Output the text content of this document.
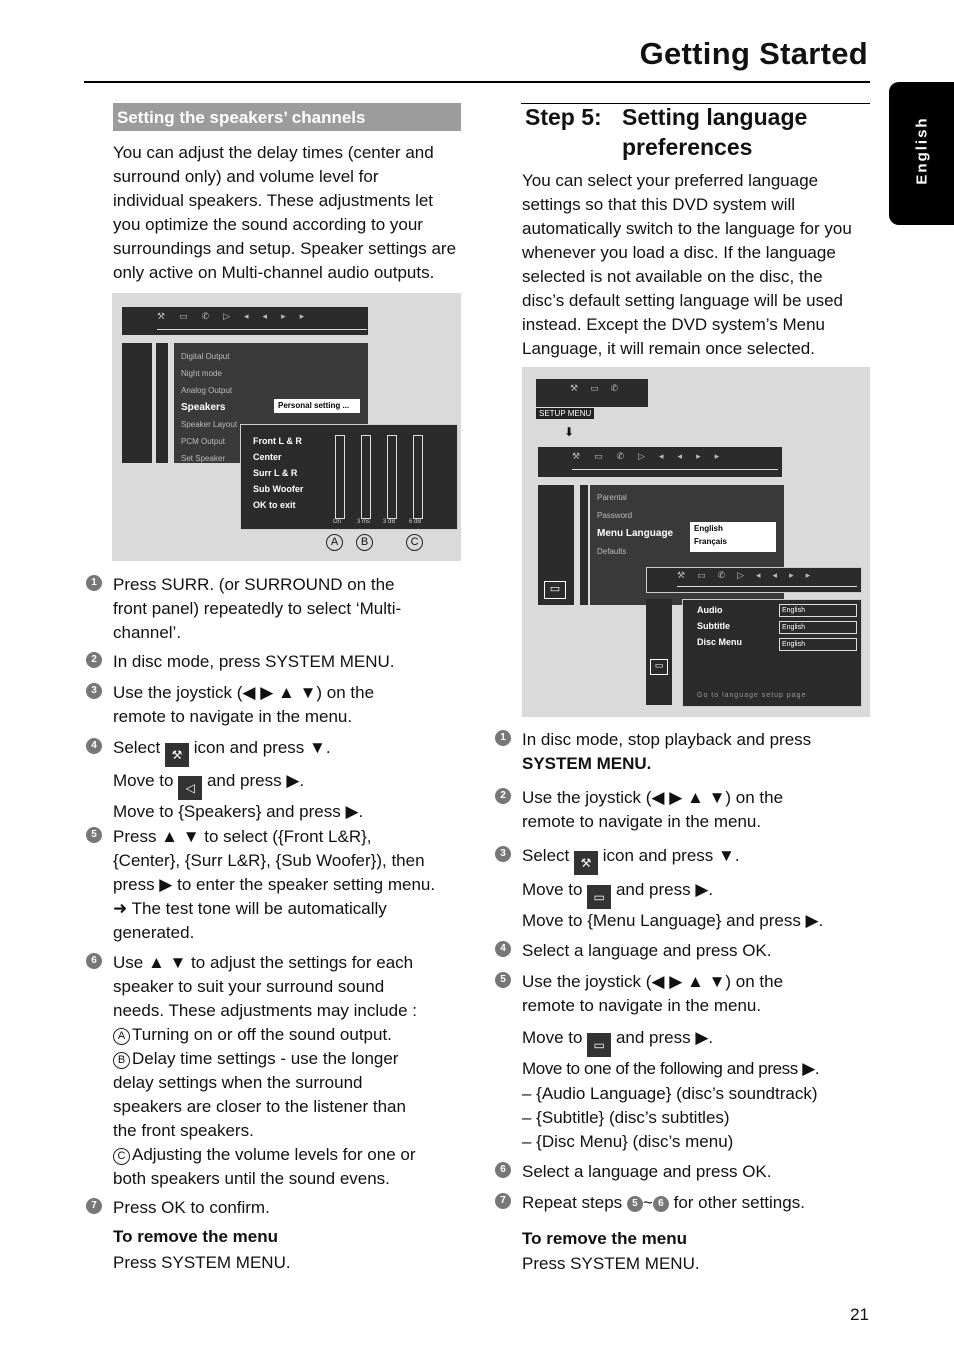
Getting Started
English
Setting the speakers’ channels
You can adjust the delay times (center and
surround only) and volume level for
individual speakers. These adjustments let
you optimize the sound according to your
surroundings and setup. Speaker settings are
only active on Multi-channel audio outputs.
⚒▭✆▷◂◂▸▸
Digital Output
Night mode
Analog Output
Speakers
Speaker Layout
PCM Output
Set Speaker
Personal setting ...
Front L & R
Center
Surr L & R
Sub Woofer
OK to exit
On	3 ms 3 dB 6 dB
A B	C
1 Press SURR. (or SURROUND on the
front panel) repeatedly to select ‘Multi-
channel’.
2 In disc mode, press SYSTEM MENU.
3 Use the joystick (◀ ▶ ▲ ▼) on the
remote to navigate in the menu.
4 Select ⚒ icon and press ▼.
Move to ◁ and press ▶.
Move to {Speakers} and press ▶.
5 Press ▲ ▼ to select ({Front L&R},
{Center}, {Surr L&R}, {Sub Woofer}), then
press ▶ to enter the speaker setting menu.
➜ The test tone will be automatically
generated.
6 Use ▲ ▼ to adjust the settings for each
speaker to suit your surround sound
needs. These adjustments may include :
A Turning on or off the sound output.
B Delay time settings - use the longer
delay settings when the surround
speakers are closer to the listener than
the front speakers.
C Adjusting the volume levels for one or
both speakers until the sound evens.
7 Press OK to confirm.
To remove the menu
Press SYSTEM MENU.
Step 5: Setting language
preferences
You can select your preferred language
settings so that this DVD system will
automatically switch to the language for you
whenever you load a disc. If the language
selected is not available on the disc, the
disc’s default setting language will be used
instead. Except the DVD system’s Menu
Language, it will remain once selected.
⚒▭✆
SETUP MENU
⬇
⚒▭✆▷◂◂▸▸
▭
Parental
Password
Menu Language
Defaults
English
Français
⚒▭✆▷◂◂▸▸
▭
Audio
Subtitle
Disc Menu
English
English
English
Go to language setup page
1 In disc mode, stop playback and press
SYSTEM MENU.
2 Use the joystick (◀ ▶ ▲ ▼) on the
remote to navigate in the menu.
3 Select ⚒ icon and press ▼.
Move to ▭ and press ▶.
Move to {Menu Language} and press ▶.
4 Select a language and press OK.
5 Use the joystick (◀ ▶ ▲ ▼) on the
remote to navigate in the menu.
Move to ▭ and press ▶.
Move to one of the following and press ▶.
– {Audio Language} (disc’s soundtrack)
– {Subtitle} (disc’s subtitles)
– {Disc Menu} (disc’s menu)
6 Select a language and press OK.
7 Repeat steps 5 ~ 6 for other settings.
To remove the menu
Press SYSTEM MENU.
21
